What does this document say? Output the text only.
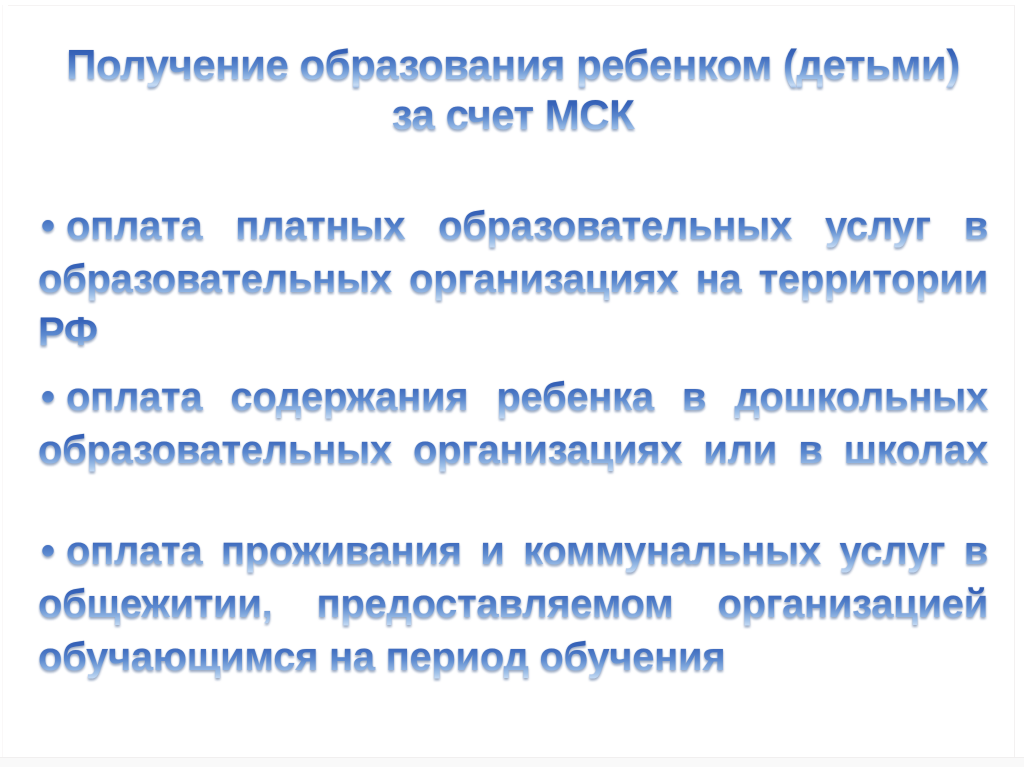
Получение образования ребенком (детьми)
за счет МСК
оплата платных образовательных услуг в
образовательных организациях на территории
РФ
оплата содержания ребенка в дошкольных
образовательных организациях или в школах
оплата проживания и коммунальных услуг в
общежитии, предоставляемом организацией
обучающимся на период обучения
